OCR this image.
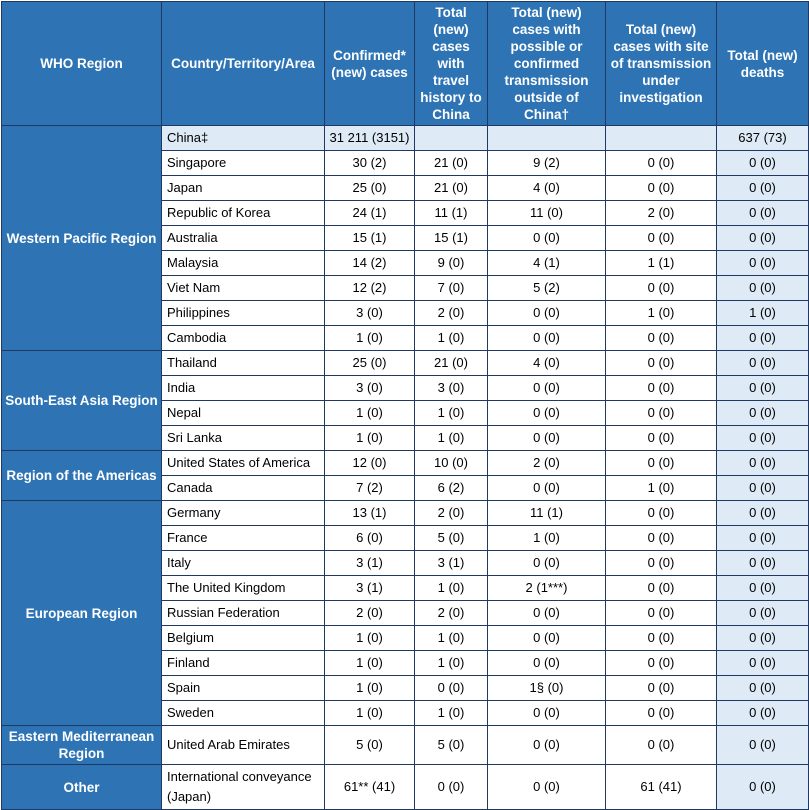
WHO Region	Country/Territory/Area	Confirmed* (new) cases	Total (new) cases with travel history to China	Total (new) cases with possible or confirmed transmission outside of China†	Total (new) cases with site of transmission under investigation	Total (new) deaths
Western Pacific Region	China‡	31 211 (3151)				637 (73)
	Singapore	30 (2)	21 (0)	9 (2)	0 (0)	0 (0)
	Japan	25 (0)	21 (0)	4 (0)	0 (0)	0 (0)
	Republic of Korea	24 (1)	11 (1)	11 (0)	2 (0)	0 (0)
	Australia	15 (1)	15 (1)	0 (0)	0 (0)	0 (0)
	Malaysia	14 (2)	9 (0)	4 (1)	1 (1)	0 (0)
	Viet Nam	12 (2)	7 (0)	5 (2)	0 (0)	0 (0)
	Philippines	3 (0)	2 (0)	0 (0)	1 (0)	1 (0)
	Cambodia	1 (0)	1 (0)	0 (0)	0 (0)	0 (0)
South-East Asia Region	Thailand	25 (0)	21 (0)	4 (0)	0 (0)	0 (0)
	India	3 (0)	3 (0)	0 (0)	0 (0)	0 (0)
	Nepal	1 (0)	1 (0)	0 (0)	0 (0)	0 (0)
	Sri Lanka	1 (0)	1 (0)	0 (0)	0 (0)	0 (0)
Region of the Americas	United States of America	12 (0)	10 (0)	2 (0)	0 (0)	0 (0)
	Canada	7 (2)	6 (2)	0 (0)	1 (0)	0 (0)
European Region	Germany	13 (1)	2 (0)	11 (1)	0 (0)	0 (0)
	France	6 (0)	5 (0)	1 (0)	0 (0)	0 (0)
	Italy	3 (1)	3 (1)	0 (0)	0 (0)	0 (0)
	The United Kingdom	3 (1)	1 (0)	2 (1***)	0 (0)	0 (0)
	Russian Federation	2 (0)	2 (0)	0 (0)	0 (0)	0 (0)
	Belgium	1 (0)	1 (0)	0 (0)	0 (0)	0 (0)
	Finland	1 (0)	1 (0)	0 (0)	0 (0)	0 (0)
	Spain	1 (0)	0 (0)	1§ (0)	0 (0)	0 (0)
	Sweden	1 (0)	1 (0)	0 (0)	0 (0)	0 (0)
Eastern Mediterranean Region	United Arab Emirates	5 (0)	5 (0)	0 (0)	0 (0)	0 (0)
Other	International conveyance (Japan)	61** (41)	0 (0)	0 (0)	61 (41)	0 (0)
